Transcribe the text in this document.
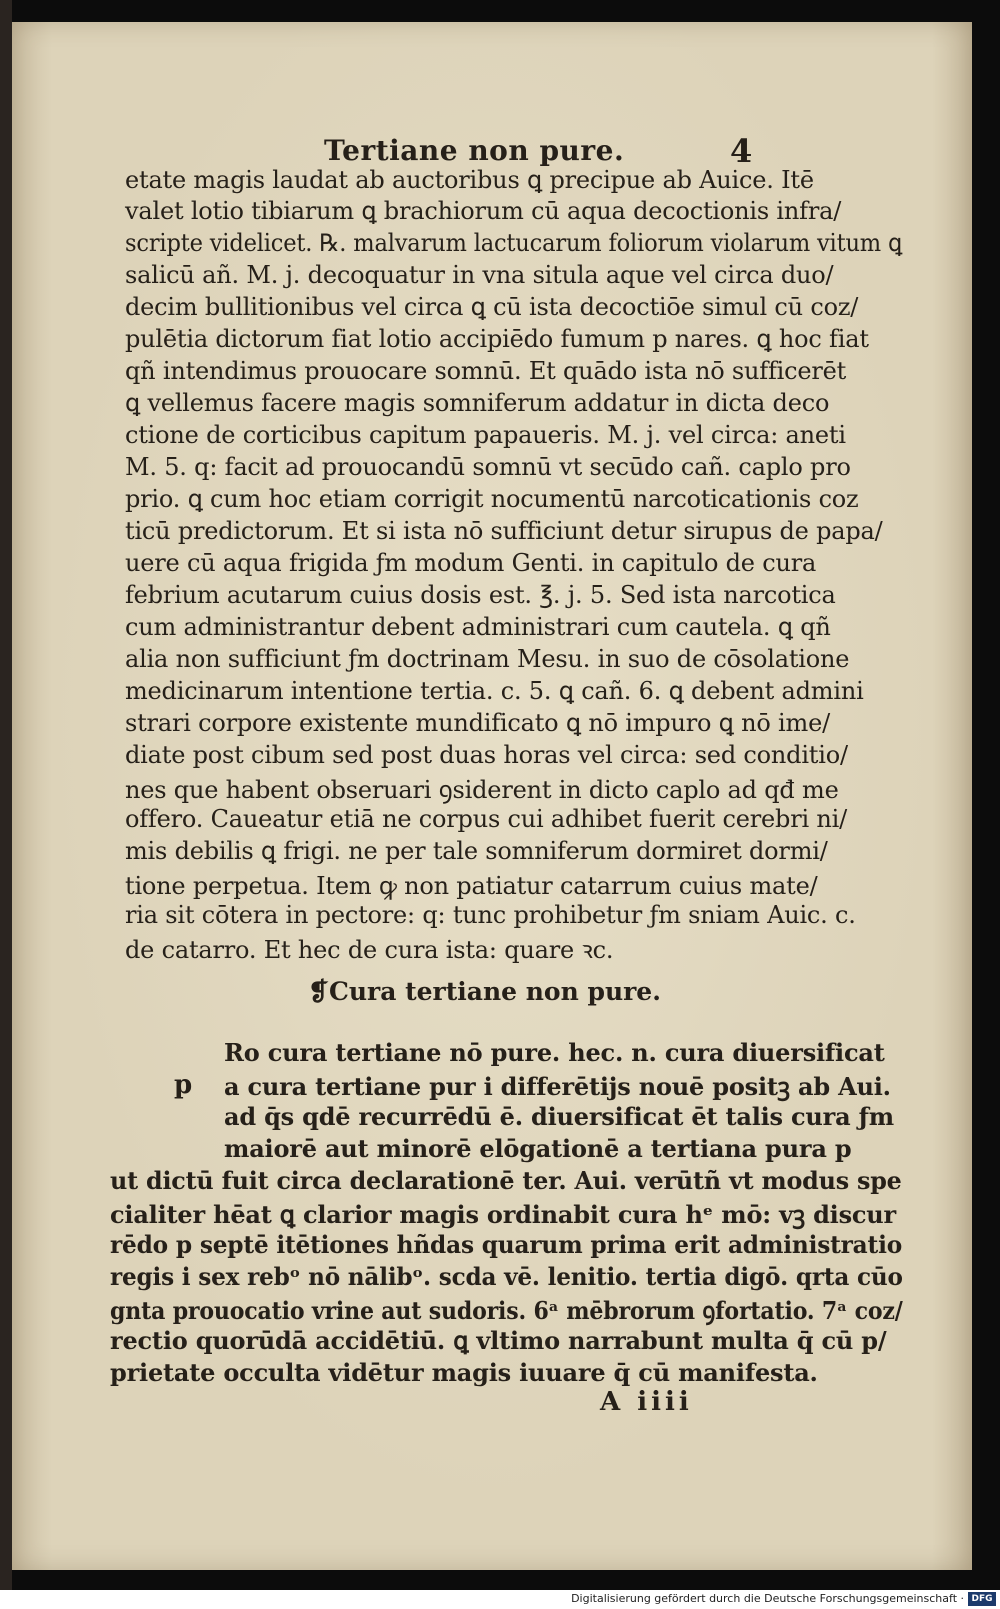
Tertiane non pure.	4
etate magis laudat ab auctoribus ꝗ precipue ab Auice. Itē
valet lotio tibiarum ꝗ brachiorum cū aqua decoctionis infra/
scripte videlicet. ℞. malvarum lactucarum foliorum violarum vitum ꝗ
salicū añ. M. j. decoquatur in vna situla aque vel circa duo/
decim bullitionibus vel circa ꝗ cū ista decoctiōe simul cū coz/
pulētia dictorum fiat lotio accipiēdo fumum p nares. ꝗ hoc fiat
qñ intendimus prouocare somnū. Et quādo ista nō sufficerēt
ꝗ vellemus facere magis somniferum addatur in dicta deco
ctione de corticibus capitum papaueris. M. j. vel circa: aneti
M. 5. q: facit ad prouocandū somnū vt secūdo cañ. caplo pro
prio. ꝗ cum hoc etiam corrigit nocumentū narcoticationis coz
ticū predictorum. Et si ista nō sufficiunt detur sirupus de papa/
uere cū aqua frigida ƒm modum Genti. in capitulo de cura
febrium acutarum cuius dosis est. ℥. j. 5. Sed ista narcotica
cum administrantur debent administrari cum cautela. ꝗ qñ
alia non sufficiunt ƒm doctrinam Mesu. in suo de cōsolatione
medicinarum intentione tertia. c. 5. ꝗ cañ. 6. ꝗ debent admini
strari corpore existente mundificato ꝗ nō impuro ꝗ nō ime/
diate post cibum sed post duas horas vel circa: sed conditio/
nes que habent obseruari ꝯsiderent in dicto caplo ad qđ me
offero. Caueatur etiā ne corpus cui adhibet fuerit cerebri ni/
mis debilis ꝗ frigi. ne per tale somniferum dormiret dormi/
tione perpetua. Item ꝙ non patiatur catarrum cuius mate/
ria sit cōtera in pectore: q: tunc prohibetur ƒm sniam Auic. c.
de catarro. Et hec de cura ista: quare ꝛc.
❡Cura tertiane non pure.
p
Ro cura tertiane nō pure. hec. n. cura diuersificat
a cura tertiane pur i differētijs nouē positꝫ ab Aui.
ad q̄s qdē recurrēdū ē. diuersificat ēt talis cura ƒm
maiorē aut minorē elōgationē a tertiana pura p
ut dictū fuit circa declarationē ter. Aui. verūtñ vt modus spe
cialiter hēat ꝗ clarior magis ordinabit cura hᵉ mō: vꝫ discur
rēdo p septē itētiones hñdas quarum prima erit administratio
regis i sex rebᵒ nō nālibᵒ. scda vē. lenitio. tertia digō. qrta cūo
gnta prouocatio vrine aut sudoris. 6ᵃ mēbrorum ꝯfortatio. 7ᵃ coz/
rectio quorūdā accidētiū. ꝗ vltimo narrabunt multa q̄ cū p/
prietate occulta vidētur magis iuuare q̄ cū manifesta.
A iiii
Digitalisierung gefördert durch die Deutsche Forschungsgemeinschaft · DFG
